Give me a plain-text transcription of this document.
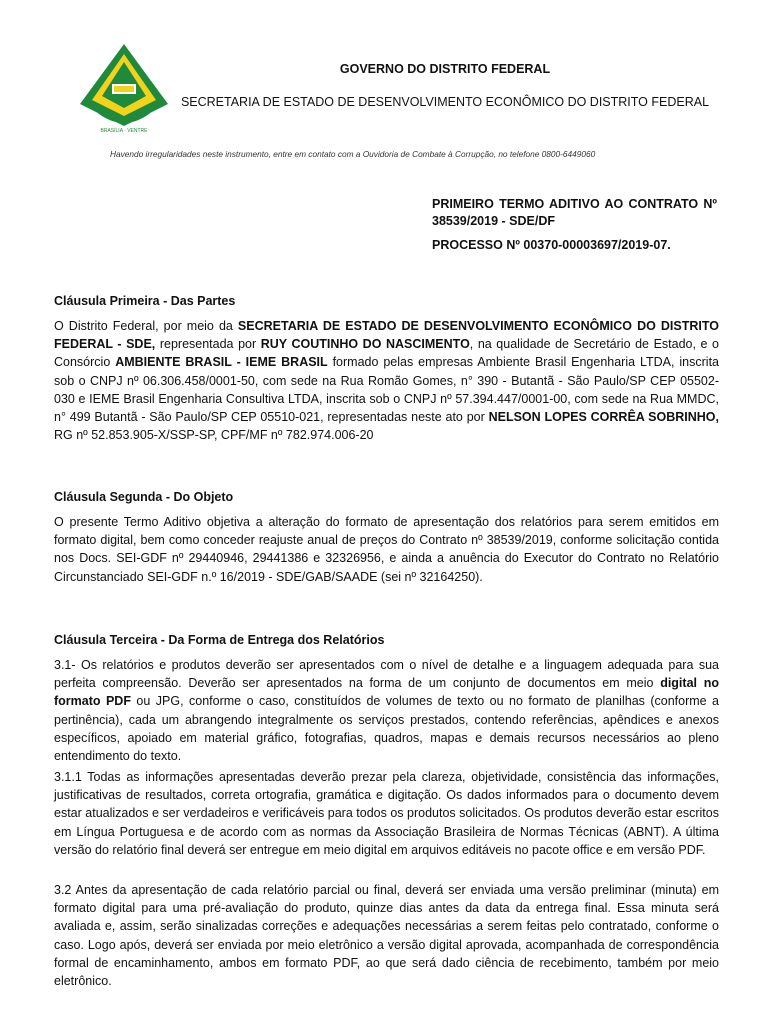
BRASÍLIA · VENTRE
GOVERNO DO DISTRITO FEDERAL
SECRETARIA DE ESTADO DE DESENVOLVIMENTO ECONÔMICO DO DISTRITO FEDERAL
Havendo irregularidades neste instrumento, entre em contato com a Ouvidoria de Combate à Corrupção, no telefone 0800-6449060
PRIMEIRO TERMO ADITIVO AO CONTRATO Nº 38539/2019 - SDE/DF
PROCESSO Nº 00370-00003697/2019-07.
Cláusula Primeira - Das Partes

O Distrito Federal, por meio da SECRETARIA DE ESTADO DE DESENVOLVIMENTO ECONÔMICO DO DISTRITO FEDERAL - SDE, representada por RUY COUTINHO DO NASCIMENTO, na qualidade de Secretário de Estado, e o Consórcio AMBIENTE BRASIL - IEME BRASIL formado pelas empresas Ambiente Brasil Engenharia LTDA, inscrita sob o CNPJ nº 06.306.458/0001-50, com sede na Rua Romão Gomes, n° 390 - Butantã - São Paulo/SP CEP 05502-030 e IEME Brasil Engenharia Consultiva LTDA, inscrita sob o CNPJ nº 57.394.447/0001-00, com sede na Rua MMDC, n° 499 Butantã - São Paulo/SP CEP 05510-021, representadas neste ato por NELSON LOPES CORRÊA SOBRINHO, RG nº 52.853.905-X/SSP-SP, CPF/MF nº 782.974.006-20

Cláusula Segunda - Do Objeto

O presente Termo Aditivo objetiva a alteração do formato de apresentação dos relatórios para serem emitidos em formato digital, bem como conceder reajuste anual de preços do Contrato nº 38539/2019, conforme solicitação contida nos Docs. SEI-GDF nº 29440946, 29441386 e 32326956, e ainda a anuência do Executor do Contrato no Relatório Circunstanciado SEI-GDF n.º 16/2019 - SDE/GAB/SAADE (sei nº 32164250).

Cláusula Terceira - Da Forma de Entrega dos Relatórios

3.1- Os relatórios e produtos deverão ser apresentados com o nível de detalhe e a linguagem adequada para sua perfeita compreensão. Deverão ser apresentados na forma de um conjunto de documentos em meio digital no formato PDF ou JPG, conforme o caso, constituídos de volumes de texto ou no formato de planilhas (conforme a pertinência), cada um abrangendo integralmente os serviços prestados, contendo referências, apêndices e anexos específicos, apoiado em material gráfico, fotografias, quadros, mapas e demais recursos necessários ao pleno entendimento do texto.

3.1.1 Todas as informações apresentadas deverão prezar pela clareza, objetividade, consistência das informações, justificativas de resultados, correta ortografia, gramática e digitação. Os dados informados para o documento devem estar atualizados e ser verdadeiros e verificáveis para todos os produtos solicitados. Os produtos deverão estar escritos em Língua Portuguesa e de acordo com as normas da Associação Brasileira de Normas Técnicas (ABNT). A última versão do relatório final deverá ser entregue em meio digital em arquivos editáveis no pacote office e em versão PDF.

3.2 Antes da apresentação de cada relatório parcial ou final, deverá ser enviada uma versão preliminar (minuta) em formato digital para uma pré-avaliação do produto, quinze dias antes da data da entrega final. Essa minuta será avaliada e, assim, serão sinalizadas correções e adequações necessárias a serem feitas pelo contratado, conforme o caso. Logo após, deverá ser enviada por meio eletrônico a versão digital aprovada, acompanhada de correspondência formal de encaminhamento, ambos em formato PDF, ao que será dado ciência de recebimento, também por meio eletrônico.
